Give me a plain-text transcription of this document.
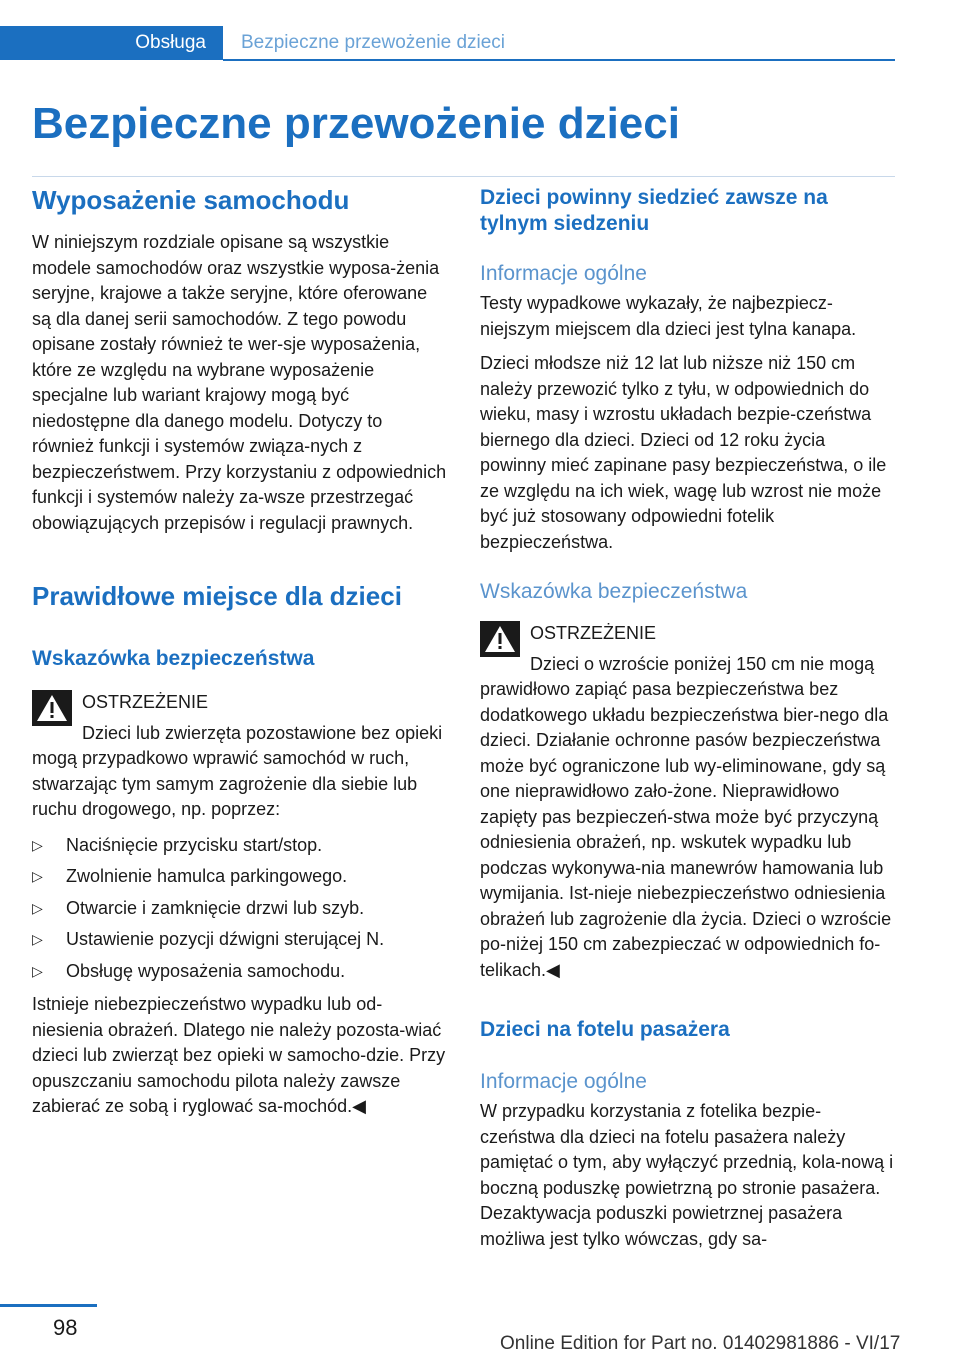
Obsługa	Bezpieczne przewożenie dzieci
Bezpieczne przewożenie dzieci
Wyposażenie samochodu

W niniejszym rozdziale opisane są wszystkie modele samochodów oraz wszystkie wyposa‐żenia seryjne, krajowe a także seryjne, które oferowane są dla danej serii samochodów. Z tego powodu opisane zostały również te wer‐sje wyposażenia, które ze względu na wybrane wyposażenie specjalne lub wariant krajowy mogą być niedostępne dla danego modelu. Dotyczy to również funkcji i systemów związa‐nych z bezpieczeństwem. Przy korzystaniu z odpowiednich funkcji i systemów należy za‐wsze przestrzegać obowiązujących przepisów i regulacji prawnych.

Prawidłowe miejsce dla dzieci
Wskazówka bezpieczeństwa

OSTRZEŻENIE

Dzieci lub zwierzęta pozostawione bez opieki mogą przypadkowo wprawić samochód w ruch, stwarzając tym samym zagrożenie dla siebie lub ruchu drogowego, np. poprzez:

▷ Naciśnięcie przycisku start/stop.
▷ Zwolnienie hamulca parkingowego.
▷ Otwarcie i zamknięcie drzwi lub szyb.
▷ Ustawienie pozycji dźwigni sterującej N.
▷ Obsługę wyposażenia samochodu.

Istnieje niebezpieczeństwo wypadku lub od‐niesienia obrażeń. Dlatego nie należy pozosta‐wiać dzieci lub zwierząt bez opieki w samocho‐dzie. Przy opuszczaniu samochodu pilota należy zawsze zabierać ze sobą i ryglować sa‐mochód.◀

Dzieci powinny siedzieć zawsze na tylnym siedzeniu
Informacje ogólne

Testy wypadkowe wykazały, że najbezpiecz‐niejszym miejscem dla dzieci jest tylna kanapa.

Dzieci młodsze niż 12 lat lub niższe niż 150 cm należy przewozić tylko z tyłu, w odpowiednich do wieku, masy i wzrostu układach bezpie‐czeństwa biernego dla dzieci. Dzieci od 12 roku życia powinny mieć zapinane pasy bezpieczeństwa, o ile ze względu na ich wiek, wagę lub wzrost nie może być już stosowany odpowiedni fotelik bezpieczeństwa.

Wskazówka bezpieczeństwa

OSTRZEŻENIE

Dzieci o wzroście poniżej 150 cm nie mogą prawidłowo zapiąć pasa bezpieczeństwa bez dodatkowego układu bezpieczeństwa bier‐nego dla dzieci. Działanie ochronne pasów bezpieczeństwa może być ograniczone lub wy‐eliminowane, gdy są one nieprawidłowo zało‐żone. Nieprawidłowo zapięty pas bezpieczeń‐stwa może być przyczyną odniesienia obrażeń, np. wskutek wypadku lub podczas wykonywa‐nia manewrów hamowania lub wymijania. Ist‐nieje niebezpieczeństwo odniesienia obrażeń lub zagrożenie dla życia. Dzieci o wzroście po‐niżej 150 cm zabezpieczać w odpowiednich fo‐telikach.◀

Dzieci na fotelu pasażera
Informacje ogólne

W przypadku korzystania z fotelika bezpie‐czeństwa dla dzieci na fotelu pasażera należy pamiętać o tym, aby wyłączyć przednią, kola‐nową i boczną poduszkę powietrzną po stronie pasażera. Dezaktywacja poduszki powietrznej pasażera możliwa jest tylko wówczas, gdy sa‐

98
Online Edition for Part no. 01402981886 - VI/17
